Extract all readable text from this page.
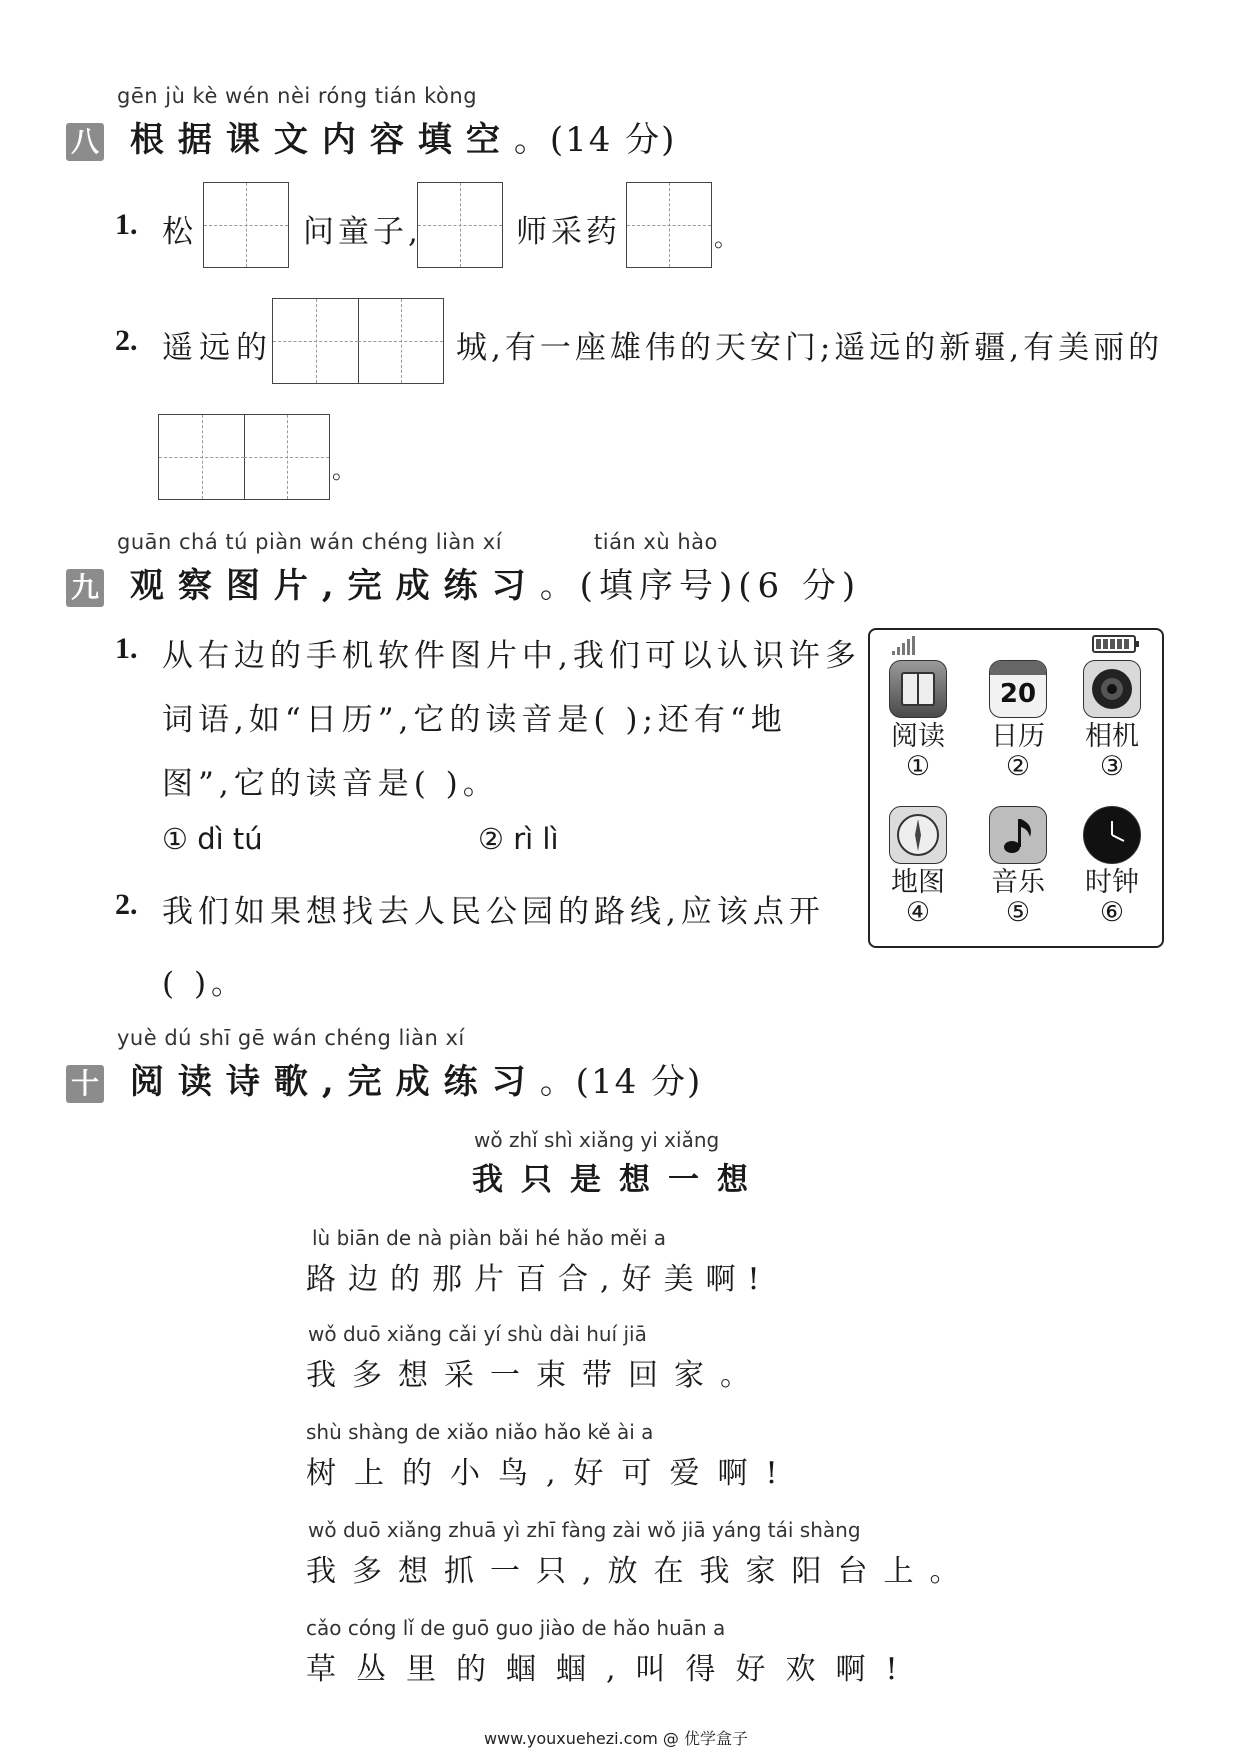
gēn jù kè wén nèi róng tián kòng
八 根据课文内容填空。(14 分)
1. 松	问童子,	师采药	。
2. 遥远的	城,有一座雄伟的天安门;遥远的新疆,有美丽的
。
guān chá tú piàn wán chéng liàn xí	tián xù hào
九 观察图片,完成练习。(填序号)(6 分)
1. 从右边的手机软件图片中,我们可以认识许多
词语,如“日历”,它的读音是( );还有“地
图”,它的读音是( )。
① dì tú	② rì lì
2. 我们如果想找去人民公园的路线,应该点开
( )。
阅读
①
20
日历
②
相机
③
地图
④
音乐
⑤
时钟
⑥
yuè dú shī gē wán chéng liàn xí
十 阅读诗歌,完成练习。(14 分)
wǒ zhǐ shì xiǎng yi xiǎng
我只是想一想
lù biān de nà piàn bǎi hé hǎo měi a
路边的那片百合,好美啊!
wǒ duō xiǎng cǎi yí shù dài huí jiā
我多想采一束带回家。
shù shàng de xiǎo niǎo hǎo kě ài a
树上的小鸟,好可爱啊!
wǒ duō xiǎng zhuā yì zhī fàng zài wǒ jiā yáng tái shàng
我多想抓一只,放在我家阳台上。
cǎo cóng lǐ de guō guo jiào de hǎo huān a
草丛里的蝈蝈,叫得好欢啊!
www.youxuehezi.com @ 优学盒子
